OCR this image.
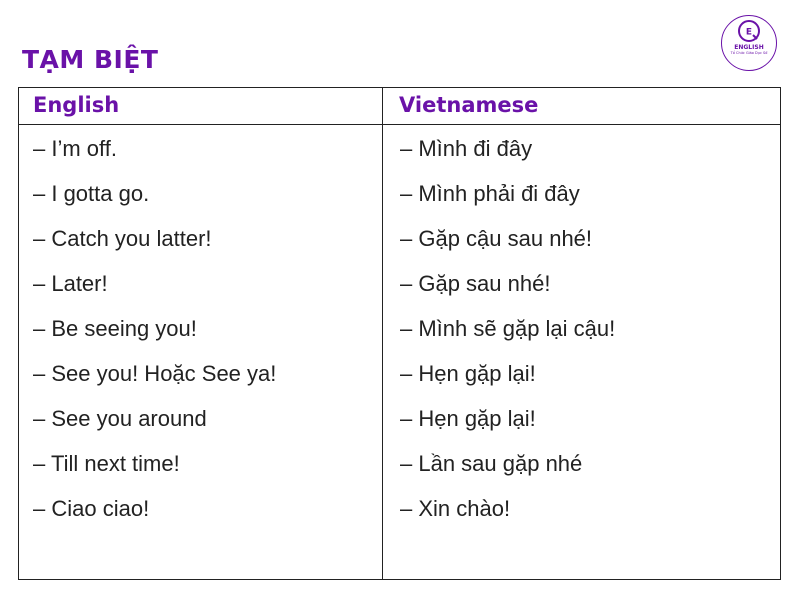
TẠM BIỆT
E
ENGLISH
Tổ Chức Giáo Dục Số
English	Vietnamese
– I’m off.
– I gotta go.
– Catch you latter!
– Later!
– Be seeing you!
– See you! Hoặc See ya!
– See you around
– Till next time!
– Ciao ciao!
– Mình đi đây
– Mình phải đi đây
– Gặp cậu sau nhé!
– Gặp sau nhé!
– Mình sẽ gặp lại cậu!
– Hẹn gặp lại!
– Hẹn gặp lại!
– Lần sau gặp nhé
– Xin chào!
